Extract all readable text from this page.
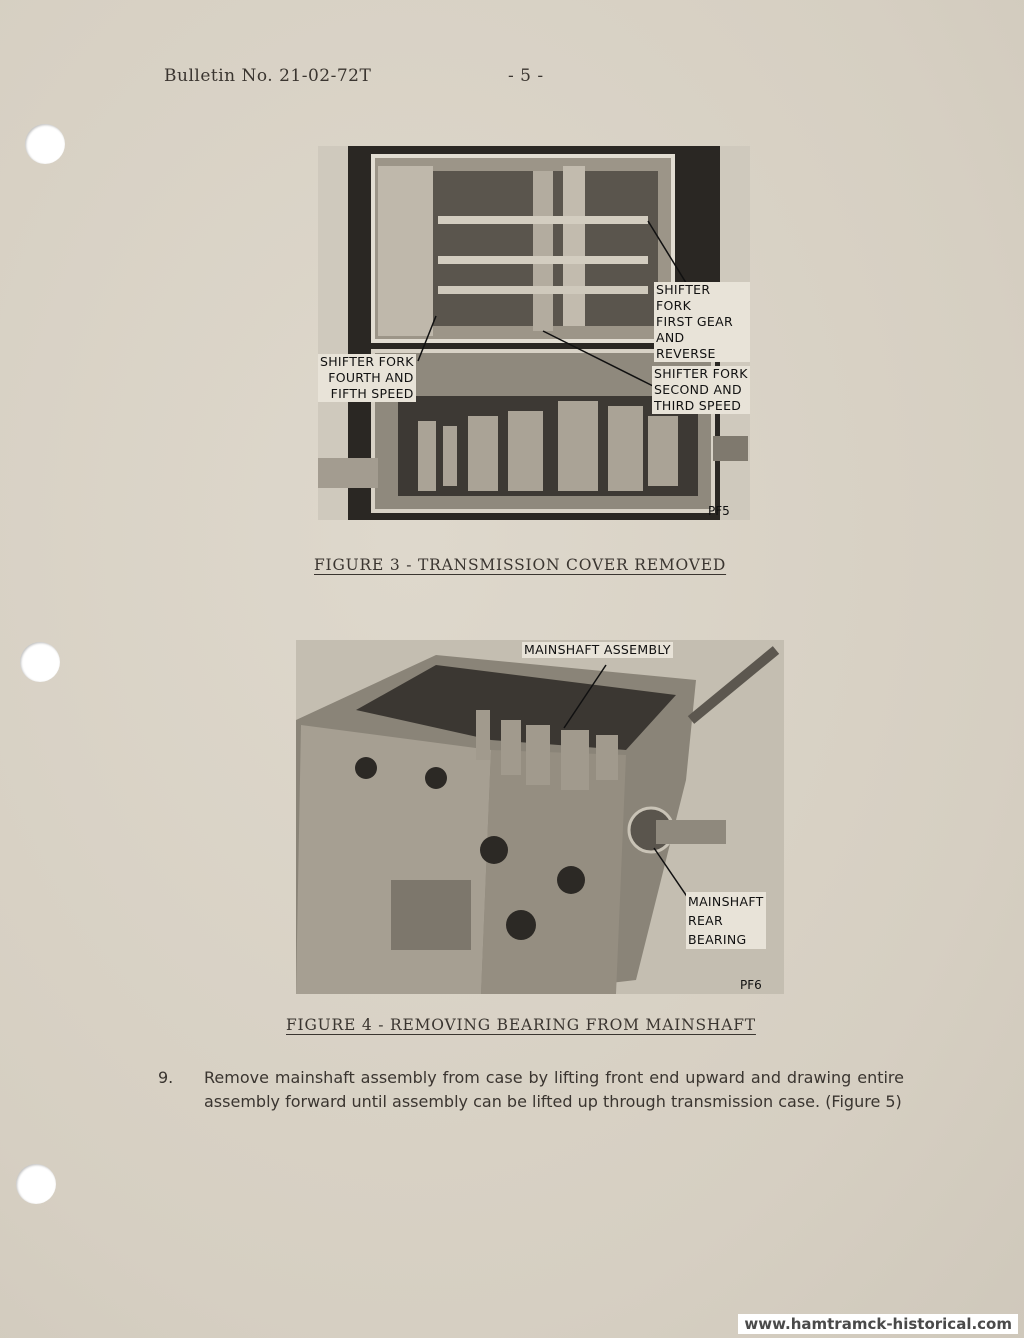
Bulletin No. 21-02-72T	- 5 -
SHIFTER FORK
FIRST GEAR
AND REVERSE
SHIFTER FORK
FOURTH AND
FIFTH SPEED
SHIFTER FORK
SECOND AND
THIRD SPEED
PF5
FIGURE 3 - TRANSMISSION COVER REMOVED
MAINSHAFT ASSEMBLY
MAINSHAFT
REAR
BEARING
PF6
FIGURE 4 - REMOVING BEARING FROM MAINSHAFT
9. Remove mainshaft assembly from case by lifting front end upward and drawing entire assembly forward until assembly can be lifted up through transmission case. (Figure 5)
www.hamtramck-historical.com
